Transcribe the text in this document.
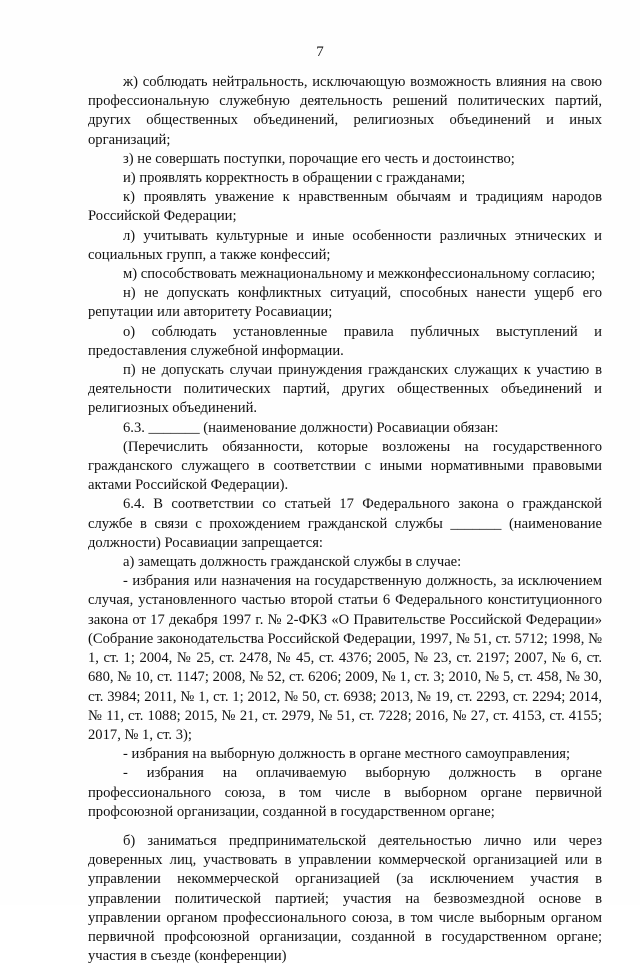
7

ж) соблюдать нейтральность, исключающую возможность влияния на свою профессиональную служебную деятельность решений политических партий, других общественных объединений, религиозных объединений и иных организаций;

з) не совершать поступки, порочащие его честь и достоинство;

и) проявлять корректность в обращении с гражданами;

к) проявлять уважение к нравственным обычаям и традициям народов Российской Федерации;

л) учитывать культурные и иные особенности различных этнических и социальных групп, а также конфессий;

м) способствовать межнациональному и межконфессиональному согласию;

н) не допускать конфликтных ситуаций, способных нанести ущерб его репутации или авторитету Росавиации;

о) соблюдать установленные правила публичных выступлений и предоставления служебной информации.

п) не допускать случаи принуждения гражданских служащих к участию в деятельности политических партий, других общественных объединений и религиозных объединений.

6.3. _______ (наименование должности) Росавиации обязан:

(Перечислить обязанности, которые возложены на государственного гражданского служащего в соответствии с иными нормативными правовыми актами Российской Федерации).

6.4. В соответствии со статьей 17 Федерального закона о гражданской службе в связи с прохождением гражданской службы _______ (наименование должности) Росавиации запрещается:

а) замещать должность гражданской службы в случае:

- избрания или назначения на государственную должность, за исключением случая, установленного частью второй статьи 6 Федерального конституционного закона от 17 декабря 1997 г. № 2-ФКЗ «О Правительстве Российской Федерации» (Собрание законодательства Российской Федерации, 1997, № 51, ст. 5712; 1998, № 1, ст. 1; 2004, № 25, ст. 2478, № 45, ст. 4376; 2005, № 23, ст. 2197; 2007, № 6, ст. 680, № 10, ст. 1147; 2008, № 52, ст. 6206; 2009, № 1, ст. 3; 2010, № 5, ст. 458, № 30, ст. 3984; 2011, № 1, ст. 1; 2012, № 50, ст. 6938; 2013, № 19, ст. 2293, ст. 2294; 2014, № 11, ст. 1088; 2015, № 21, ст. 2979, № 51, ст. 7228; 2016, № 27, ст. 4153, ст. 4155; 2017, № 1, ст. 3);

- избрания на выборную должность в органе местного самоуправления;

- избрания на оплачиваемую выборную должность в органе профессионального союза, в том числе в выборном органе первичной профсоюзной организации, созданной в государственном органе;

б) заниматься предпринимательской деятельностью лично или через доверенных лиц, участвовать в управлении коммерческой организацией или в управлении некоммерческой организацией (за исключением участия в управлении политической партией; участия на безвозмездной основе в управлении органом профессионального союза, в том числе выборным органом первичной профсоюзной организации, созданной в государственном органе; участия в съезде (конференции)
